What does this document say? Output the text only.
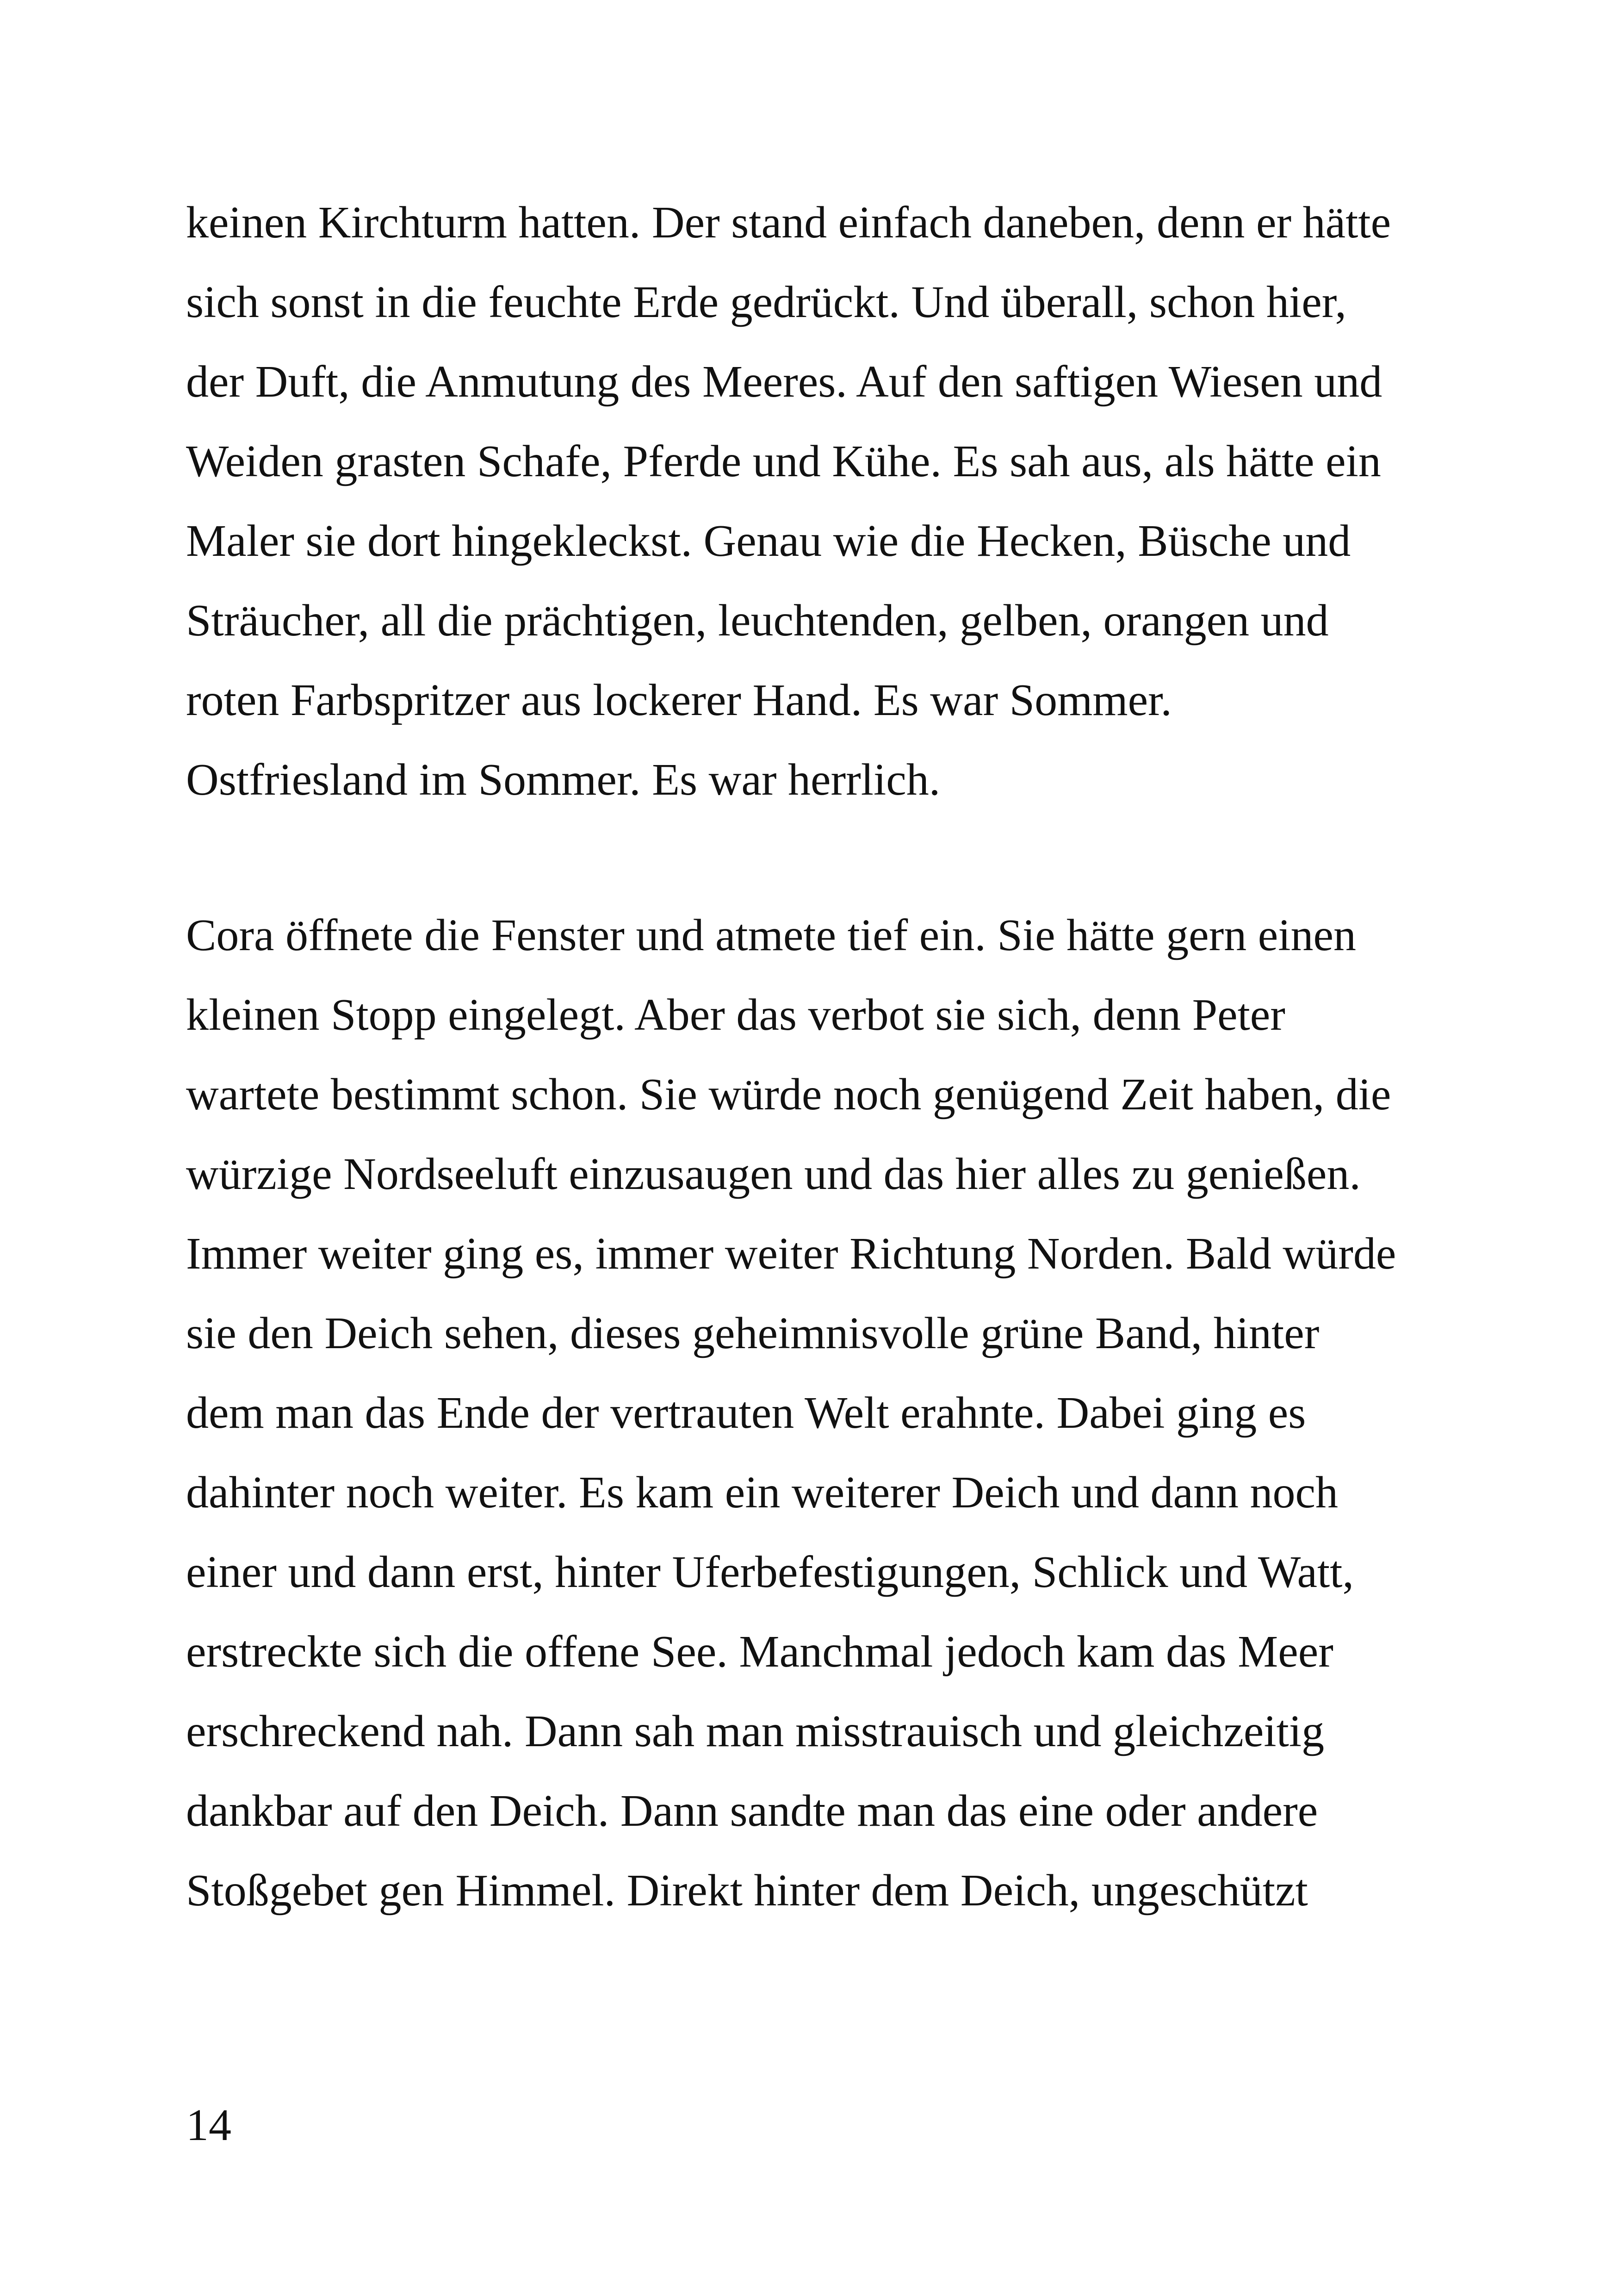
keinen Kirchturm hatten. Der stand einfach daneben, denn er hätte
sich sonst in die feuchte Erde gedrückt. Und überall, schon hier,
der Duft, die Anmutung des Meeres. Auf den saftigen Wiesen und
Weiden grasten Schafe, Pferde und Kühe. Es sah aus, als hätte ein
Maler sie dort hingekleckst. Genau wie die Hecken, Büsche und
Sträucher, all die prächtigen, leuchtenden, gelben, orangen und
roten Farbspritzer aus lockerer Hand. Es war Sommer.
Ostfriesland im Sommer. Es war herrlich.
Cora öffnete die Fenster und atmete tief ein. Sie hätte gern einen
kleinen Stopp eingelegt. Aber das verbot sie sich, denn Peter
wartete bestimmt schon. Sie würde noch genügend Zeit haben, die
würzige Nordseeluft einzusaugen und das hier alles zu genießen.
Immer weiter ging es, immer weiter Richtung Norden. Bald würde
sie den Deich sehen, dieses geheimnisvolle grüne Band, hinter
dem man das Ende der vertrauten Welt erahnte. Dabei ging es
dahinter noch weiter. Es kam ein weiterer Deich und dann noch
einer und dann erst, hinter Uferbefestigungen, Schlick und Watt,
erstreckte sich die offene See. Manchmal jedoch kam das Meer
erschreckend nah. Dann sah man misstrauisch und gleichzeitig
dankbar auf den Deich. Dann sandte man das eine oder andere
Stoßgebet gen Himmel. Direkt hinter dem Deich, ungeschützt
14
